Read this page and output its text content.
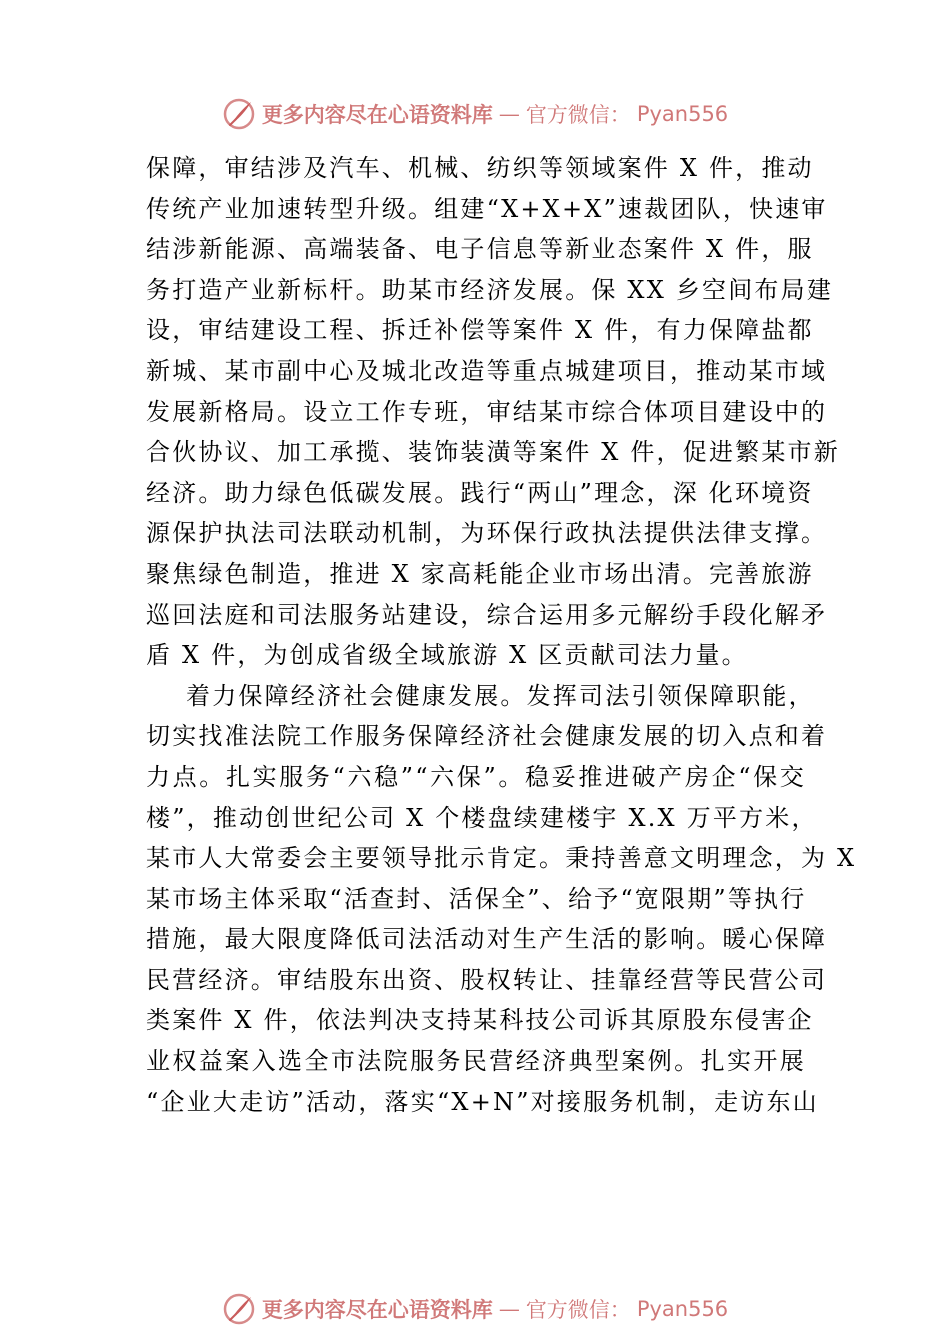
更多内容尽在心语资料库 — 官方微信： Pyan556
保障，审结涉及汽车、机械、纺织等领域案件 X 件，推动
传统产业加速转型升级。组建“X+X+X”速裁团队，快速审
结涉新能源、高端装备、电子信息等新业态案件 X 件，服
务打造产业新标杆。助某市经济发展。保 XX 乡空间布局建
设，审结建设工程、拆迁补偿等案件 X 件，有力保障盐都
新城、某市副中心及城北改造等重点城建项目，推动某市域
发展新格局。设立工作专班，审结某市综合体项目建设中的
合伙协议、加工承揽、装饰装潢等案件 X 件，促进繁某市新
经济。助力绿色低碳发展。践行“两山”理念，深 化环境资
源保护执法司法联动机制，为环保行政执法提供法律支撑。
聚焦绿色制造，推进 X 家高耗能企业市场出清。完善旅游
巡回法庭和司法服务站建设，综合运用多元解纷手段化解矛
盾 X 件，为创成省级全域旅游 X 区贡献司法力量。
着力保障经济社会健康发展。发挥司法引领保障职能，
切实找准法院工作服务保障经济社会健康发展的切入点和着
力点。扎实服务“六稳”“六保”。稳妥推进破产房企“保交
楼”，推动创世纪公司 X 个楼盘续建楼宇 X.X 万平方米，
某市人大常委会主要领导批示肯定。秉持善意文明理念，为 X
某市场主体采取“活查封、活保全”、给予“宽限期”等执行
措施，最大限度降低司法活动对生产生活的影响。暖心保障
民营经济。审结股东出资、股权转让、挂靠经营等民营公司
类案件 X 件，依法判决支持某科技公司诉其原股东侵害企
业权益案入选全市法院服务民营经济典型案例。扎实开展
“企业大走访”活动，落实“X+N”对接服务机制，走访东山
更多内容尽在心语资料库 — 官方微信： Pyan556
